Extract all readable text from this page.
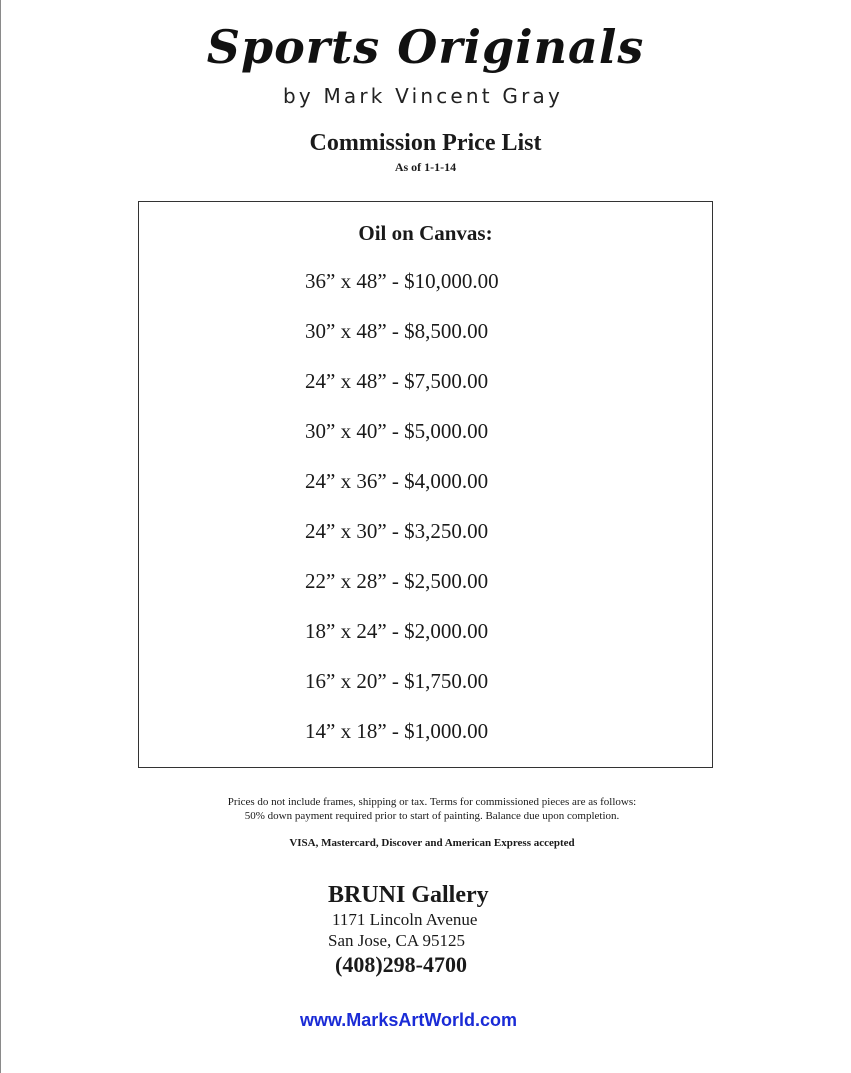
Sports Originals
by Mark Vincent Gray
Commission Price List
As of 1-1-14
Oil on Canvas:
36” x 48” - $10,000.00
30” x 48” - $8,500.00
24” x 48” - $7,500.00
30” x 40” - $5,000.00
24” x 36” - $4,000.00
24” x 30” - $3,250.00
22” x 28” - $2,500.00
18” x 24” - $2,000.00
16” x 20” - $1,750.00
14” x 18” - $1,000.00
Prices do not include frames, shipping or tax. Terms for commissioned pieces are as follows:
50% down payment required prior to start of painting. Balance due upon completion.
VISA, Mastercard, Discover and American Express accepted
BRUNI Gallery
1171 Lincoln Avenue
San Jose, CA 95125
(408)298-4700
www.MarksArtWorld.com
